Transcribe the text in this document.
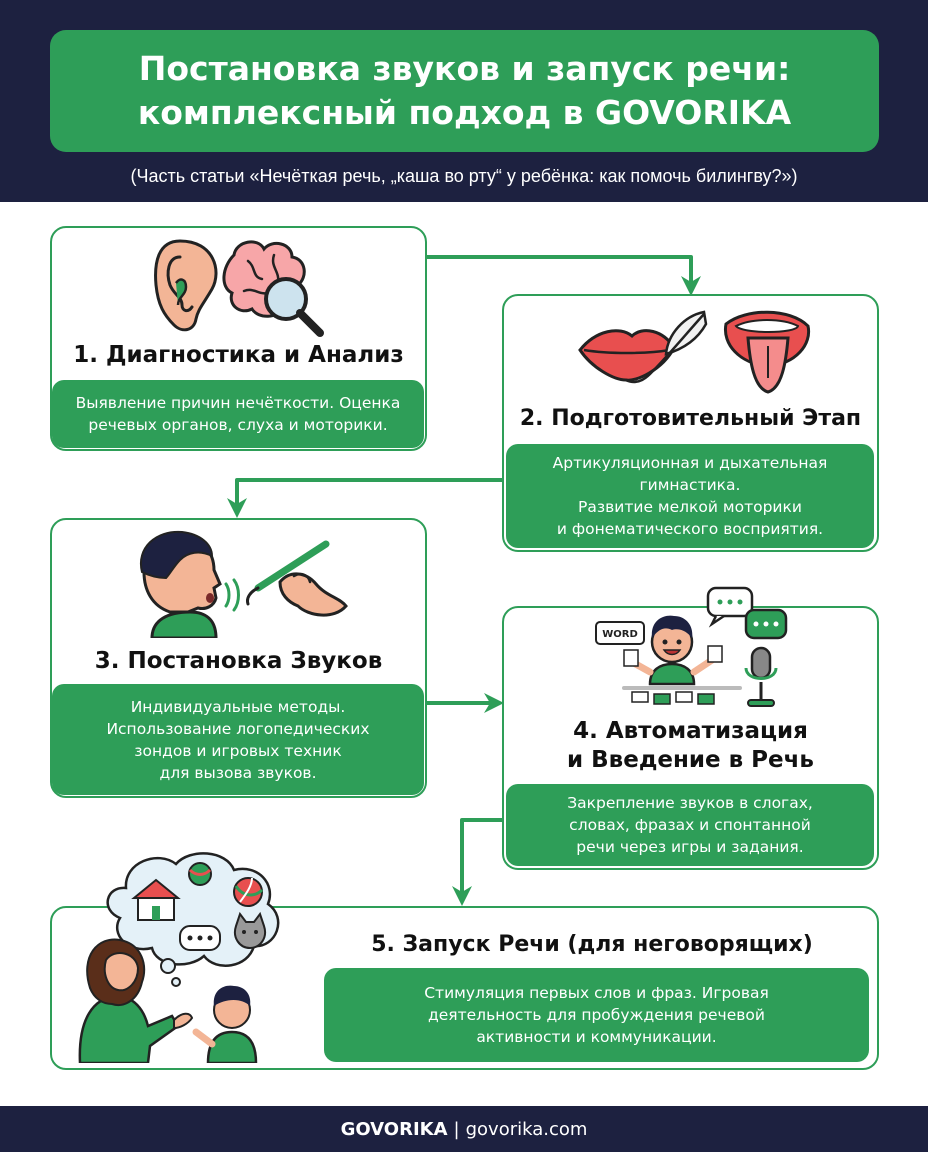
Постановка звуков и запуск речи:
комплексный подход в GOVORIKA
(Часть статьи «Нечёткая речь, „каша во рту“ у ребёнка: как помочь билингву?»)
1. Диагностика и Анализ
Выявление причин нечёткости. Оценка
речевых органов, слуха и моторики.	2. Подготовительный Этап
Артикуляционная и дыхательная
гимнастика.
Развитие мелкой моторики
и фонематического восприятия.
3. Постановка Звуков
Индивидуальные методы.
Использование логопедических
зондов и игровых техник
для вызова звуков.
WORD
4. Автоматизация
и Введение в Речь
Закрепление звуков в слогах,
словах, фразах и спонтанной
речи через игры и задания.
5. Запуск Речи (для неговорящих)
Стимуляция первых слов и фраз. Игровая
деятельность для пробуждения речевой
активности и коммуникации.
GOVORIKA | govorika.com
